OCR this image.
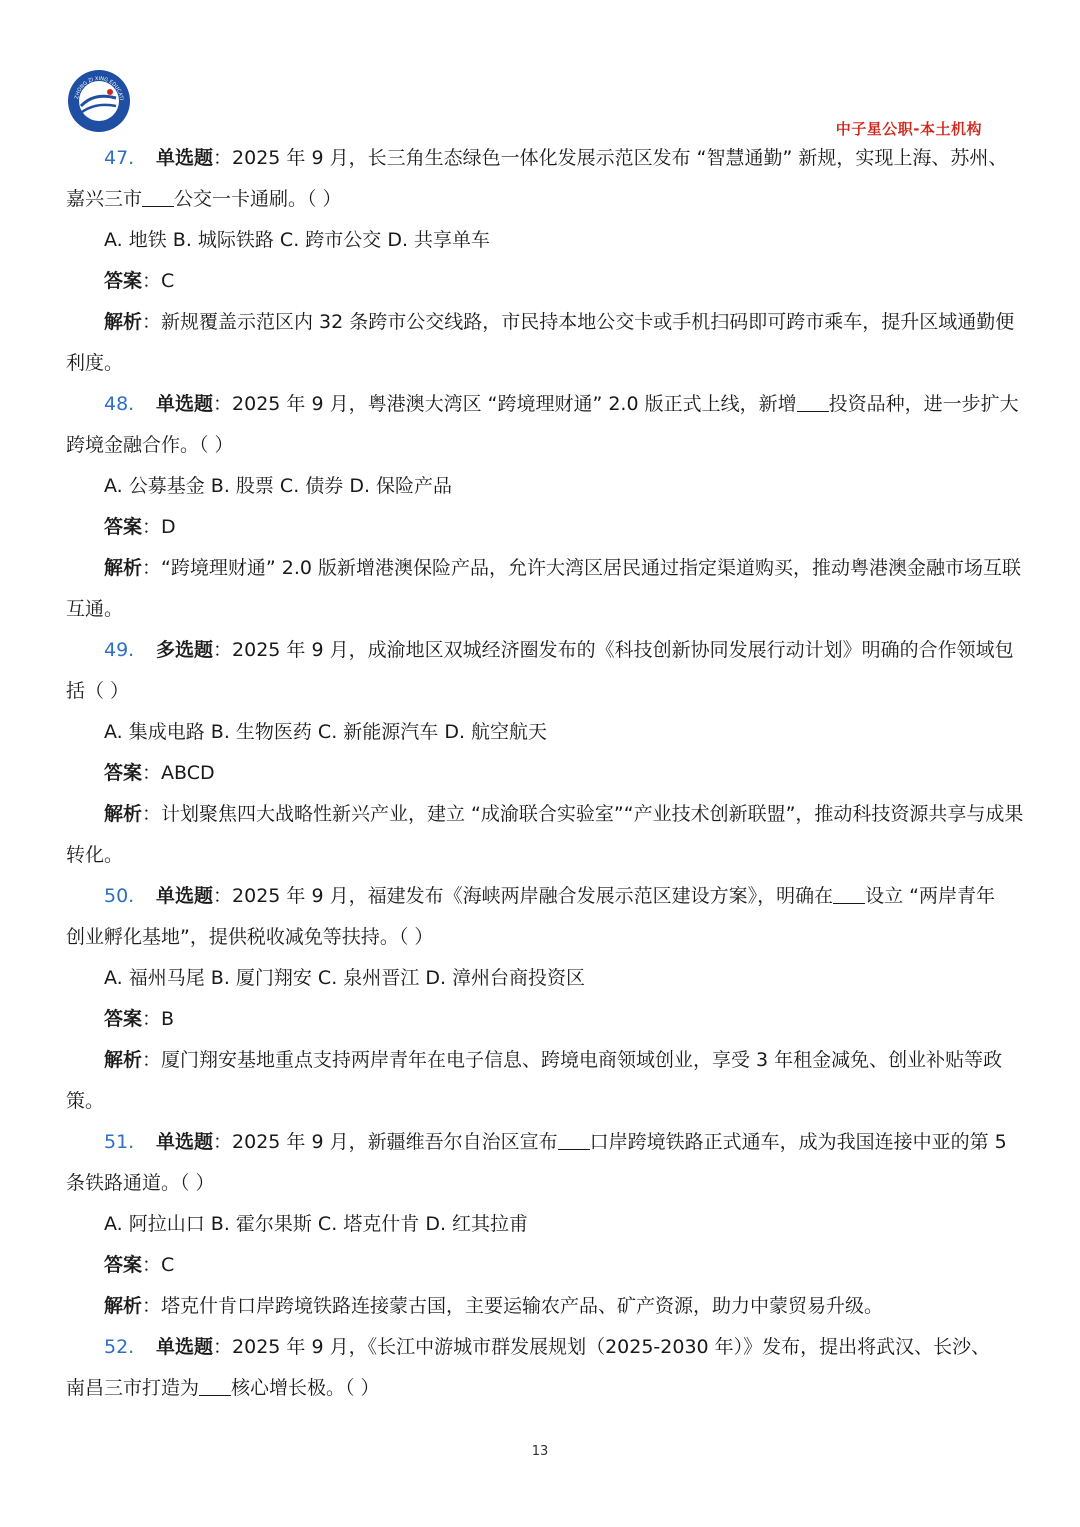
ZHONG ZI XING EDUCATI
中子星公职-本土机构

47. 单选题：2025 年 9 月，长三角生态绿色一体化发展示范区发布 “智慧通勤” 新规，实现上海、苏州、

嘉兴三市 公交一卡通刷。（ ）

A. 地铁 B. 城际铁路 C. 跨市公交 D. 共享单车

答案：C

解析：新规覆盖示范区内 32 条跨市公交线路，市民持本地公交卡或手机扫码即可跨市乘车，提升区域通勤便

利度。

48. 单选题：2025 年 9 月，粤港澳大湾区 “跨境理财通” 2.0 版正式上线，新增 投资品种，进一步扩大

跨境金融合作。（ ）

A. 公募基金 B. 股票 C. 债券 D. 保险产品

答案：D

解析：“跨境理财通” 2.0 版新增港澳保险产品，允许大湾区居民通过指定渠道购买，推动粤港澳金融市场互联

互通。

49. 多选题：2025 年 9 月，成渝地区双城经济圈发布的《科技创新协同发展行动计划》明确的合作领域包

括（ ）

A. 集成电路 B. 生物医药 C. 新能源汽车 D. 航空航天

答案：ABCD

解析：计划聚焦四大战略性新兴产业，建立 “成渝联合实验室”“产业技术创新联盟”，推动科技资源共享与成果

转化。

50. 单选题：2025 年 9 月，福建发布《海峡两岸融合发展示范区建设方案》，明确在 设立 “两岸青年

创业孵化基地”，提供税收减免等扶持。（ ）

A. 福州马尾 B. 厦门翔安 C. 泉州晋江 D. 漳州台商投资区

答案：B

解析：厦门翔安基地重点支持两岸青年在电子信息、跨境电商领域创业，享受 3 年租金减免、创业补贴等政

策。

51. 单选题：2025 年 9 月，新疆维吾尔自治区宣布 口岸跨境铁路正式通车，成为我国连接中亚的第 5

条铁路通道。（ ）

A. 阿拉山口 B. 霍尔果斯 C. 塔克什肯 D. 红其拉甫

答案：C

解析：塔克什肯口岸跨境铁路连接蒙古国，主要运输农产品、矿产资源，助力中蒙贸易升级。

52. 单选题：2025 年 9 月，《长江中游城市群发展规划（2025-2030 年）》发布，提出将武汉、长沙、

南昌三市打造为 核心增长极。（ ）

13
